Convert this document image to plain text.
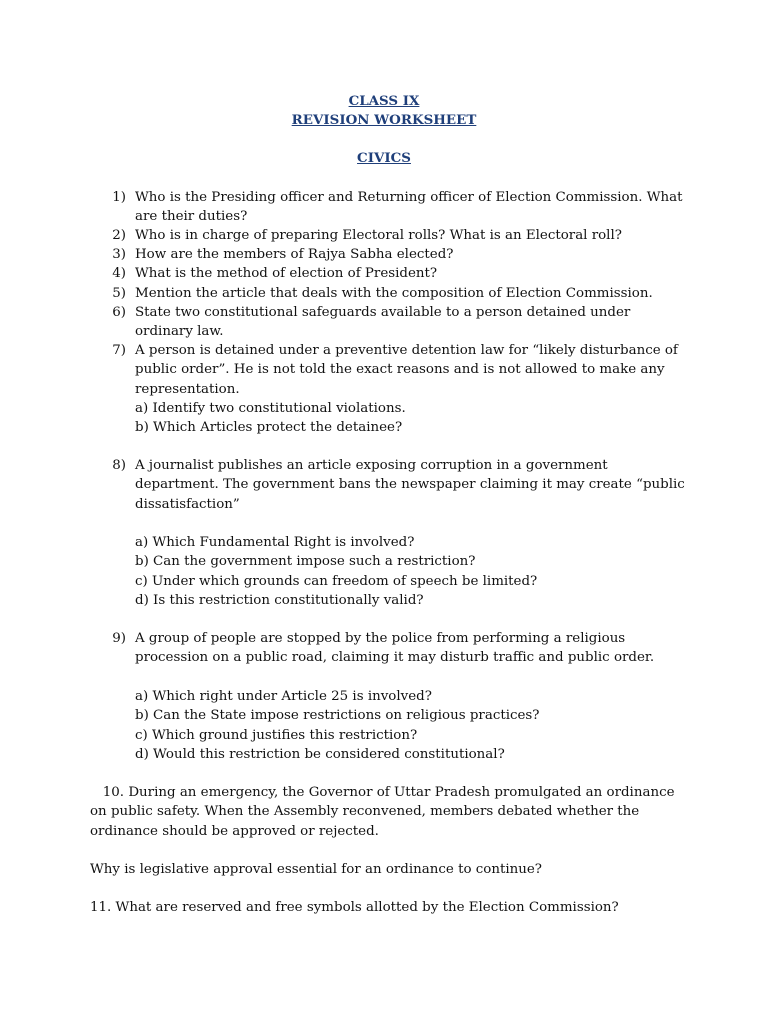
CLASS IX
REVISION WORKSHEET
CIVICS
1) Who is the Presiding officer and Returning officer of Election Commission. What
are their duties?
2) Who is in charge of preparing Electoral rolls? What is an Electoral roll?
3) How are the members of Rajya Sabha elected?
4) What is the method of election of President?
5) Mention the article that deals with the composition of Election Commission.
6) State two constitutional safeguards available to a person detained under
ordinary law.
7) A person is detained under a preventive detention law for “likely disturbance of
public order”. He is not told the exact reasons and is not allowed to make any
representation.
a) Identify two constitutional violations.
b) Which Articles protect the detainee?
8) A journalist publishes an article exposing corruption in a government
department. The government bans the newspaper claiming it may create “public
dissatisfaction”
a) Which Fundamental Right is involved?
b) Can the government impose such a restriction?
c) Under which grounds can freedom of speech be limited?
d) Is this restriction constitutionally valid?
9) A group of people are stopped by the police from performing a religious
procession on a public road, claiming it may disturb traffic and public order.
a) Which right under Article 25 is involved?
b) Can the State impose restrictions on religious practices?
c) Which ground justifies this restriction?
d) Would this restriction be considered constitutional?
10. During an emergency, the Governor of Uttar Pradesh promulgated an ordinance
on public safety. When the Assembly reconvened, members debated whether the
ordinance should be approved or rejected.
Why is legislative approval essential for an ordinance to continue?
11. What are reserved and free symbols allotted by the Election Commission?
